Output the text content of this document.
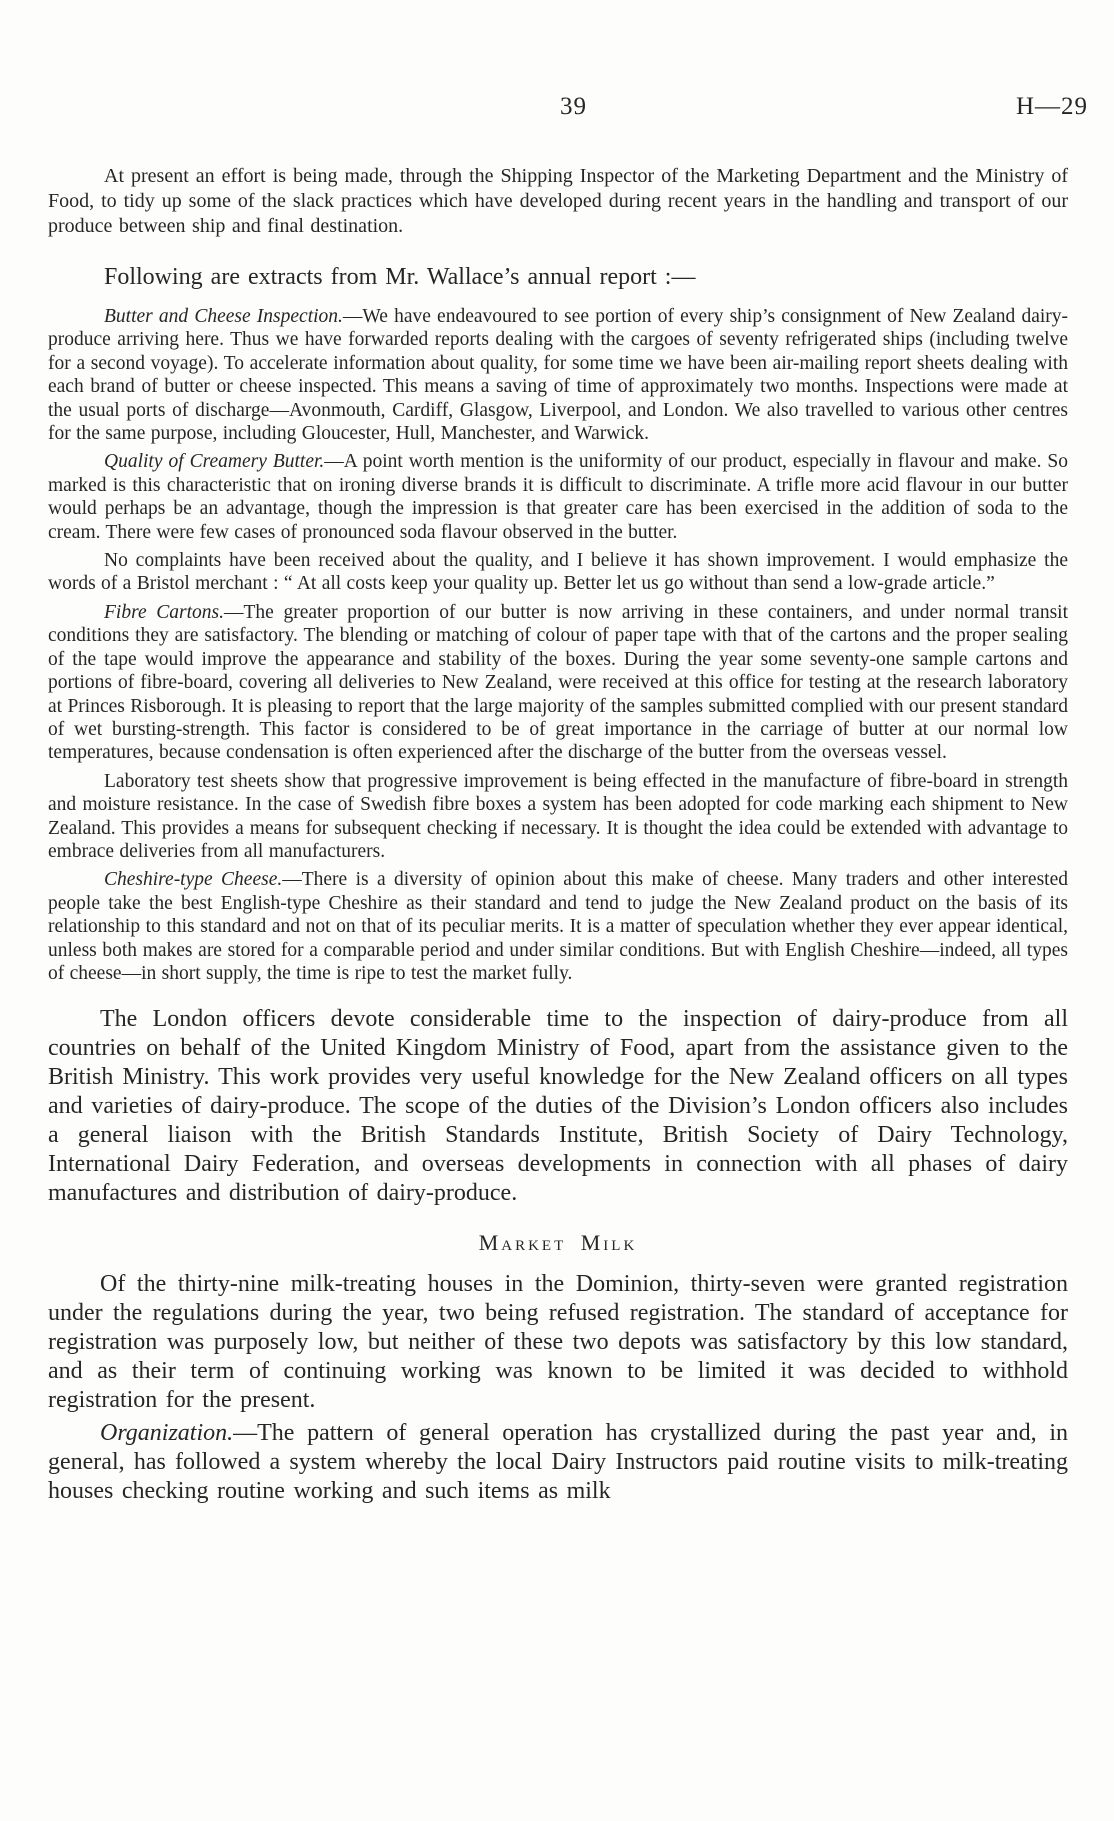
39	H—29

At present an effort is being made, through the Shipping Inspector of the Marketing Department and the Ministry of Food, to tidy up some of the slack practices which have developed during recent years in the handling and transport of our produce between ship and final destination.

Following are extracts from Mr. Wallace’s annual report :—

Butter and Cheese Inspection.—We have endeavoured to see portion of every ship’s consignment of New Zealand dairy-produce arriving here. Thus we have forwarded reports dealing with the cargoes of seventy refrigerated ships (including twelve for a second voyage). To accelerate information about quality, for some time we have been air-mailing report sheets dealing with each brand of butter or cheese inspected. This means a saving of time of approximately two months. Inspections were made at the usual ports of discharge—Avonmouth, Cardiff, Glasgow, Liverpool, and London. We also travelled to various other centres for the same purpose, including Gloucester, Hull, Manchester, and Warwick.

Quality of Creamery Butter.—A point worth mention is the uniformity of our product, especially in flavour and make. So marked is this characteristic that on ironing diverse brands it is difficult to discriminate. A trifle more acid flavour in our butter would perhaps be an advantage, though the impression is that greater care has been exercised in the addition of soda to the cream. There were few cases of pronounced soda flavour observed in the butter.

No complaints have been received about the quality, and I believe it has shown improvement. I would emphasize the words of a Bristol merchant : “ At all costs keep your quality up. Better let us go without than send a low-grade article.”

Fibre Cartons.—The greater proportion of our butter is now arriving in these containers, and under normal transit conditions they are satisfactory. The blending or matching of colour of paper tape with that of the cartons and the proper sealing of the tape would improve the appearance and stability of the boxes. During the year some seventy-one sample cartons and portions of fibre-board, covering all deliveries to New Zealand, were received at this office for testing at the research laboratory at Princes Risborough. It is pleasing to report that the large majority of the samples submitted complied with our present standard of wet bursting-strength. This factor is considered to be of great importance in the carriage of butter at our normal low temperatures, because condensation is often experienced after the discharge of the butter from the overseas vessel.

Laboratory test sheets show that progressive improvement is being effected in the manufacture of fibre-board in strength and moisture resistance. In the case of Swedish fibre boxes a system has been adopted for code marking each shipment to New Zealand. This provides a means for subsequent checking if necessary. It is thought the idea could be extended with advantage to embrace deliveries from all manufacturers.

Cheshire-type Cheese.—There is a diversity of opinion about this make of cheese. Many traders and other interested people take the best English-type Cheshire as their standard and tend to judge the New Zealand product on the basis of its relationship to this standard and not on that of its peculiar merits. It is a matter of speculation whether they ever appear identical, unless both makes are stored for a comparable period and under similar conditions. But with English Cheshire—indeed, all types of cheese—in short supply, the time is ripe to test the market fully.

The London officers devote considerable time to the inspection of dairy-produce from all countries on behalf of the United Kingdom Ministry of Food, apart from the assistance given to the British Ministry. This work provides very useful knowledge for the New Zealand officers on all types and varieties of dairy-produce. The scope of the duties of the Division’s London officers also includes a general liaison with the British Standards Institute, British Society of Dairy Technology, International Dairy Federation, and overseas developments in connection with all phases of dairy manufactures and distribution of dairy-produce.

Market Milk

Of the thirty-nine milk-treating houses in the Dominion, thirty-seven were granted registration under the regulations during the year, two being refused registration. The standard of acceptance for registration was purposely low, but neither of these two depots was satisfactory by this low standard, and as their term of continuing working was known to be limited it was decided to withhold registration for the present.

Organization.—The pattern of general operation has crystallized during the past year and, in general, has followed a system whereby the local Dairy Instructors paid routine visits to milk-treating houses checking routine working and such items as milk
